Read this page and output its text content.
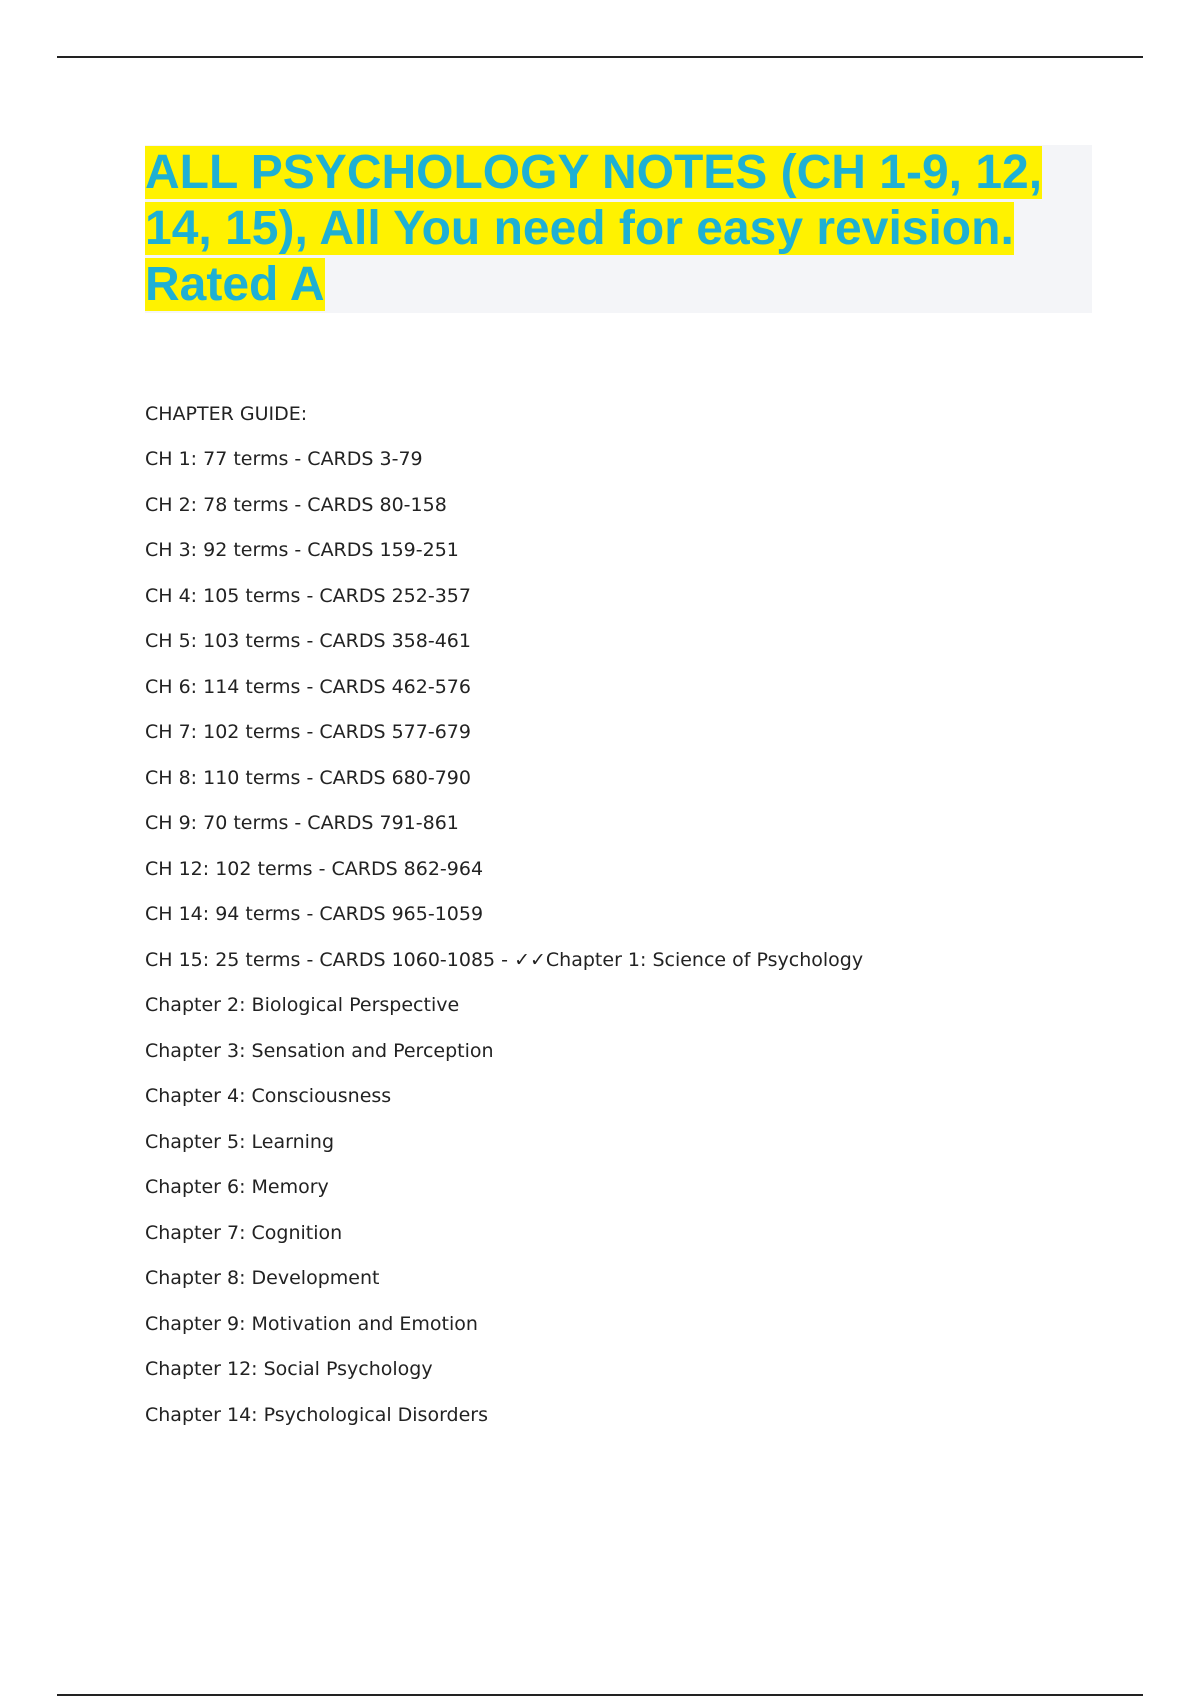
ALL PSYCHOLOGY NOTES (CH 1-9, 12,
14, 15), All You need for easy revision.
Rated A
CHAPTER GUIDE:
CH 1: 77 terms - CARDS 3-79
CH 2: 78 terms - CARDS 80-158
CH 3: 92 terms - CARDS 159-251
CH 4: 105 terms - CARDS 252-357
CH 5: 103 terms - CARDS 358-461
CH 6: 114 terms - CARDS 462-576
CH 7: 102 terms - CARDS 577-679
CH 8: 110 terms - CARDS 680-790
CH 9: 70 terms - CARDS 791-861
CH 12: 102 terms - CARDS 862-964
CH 14: 94 terms - CARDS 965-1059
CH 15: 25 terms - CARDS 1060-1085 - ✓✓Chapter 1: Science of Psychology
Chapter 2: Biological Perspective
Chapter 3: Sensation and Perception
Chapter 4: Consciousness
Chapter 5: Learning
Chapter 6: Memory
Chapter 7: Cognition
Chapter 8: Development
Chapter 9: Motivation and Emotion
Chapter 12: Social Psychology
Chapter 14: Psychological Disorders
